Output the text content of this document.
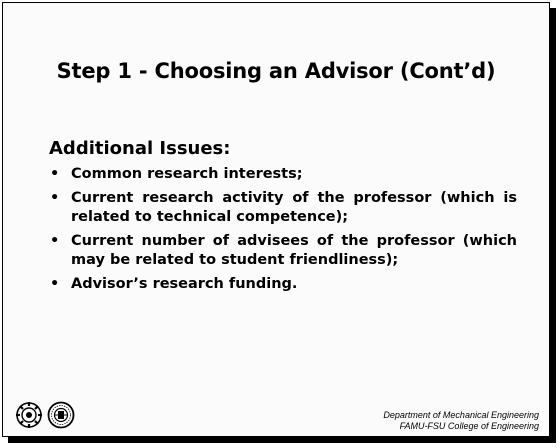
Step 1 - Choosing an Advisor (Cont’d)
Additional Issues:
• Common research interests;
• Current research activity of the professor (which is related to technical competence);
• Current number of advisees of the professor (which may be related to student friendliness);
• Advisor’s research funding.
Department of Mechanical Engineering
FAMU-FSU College of Engineering
